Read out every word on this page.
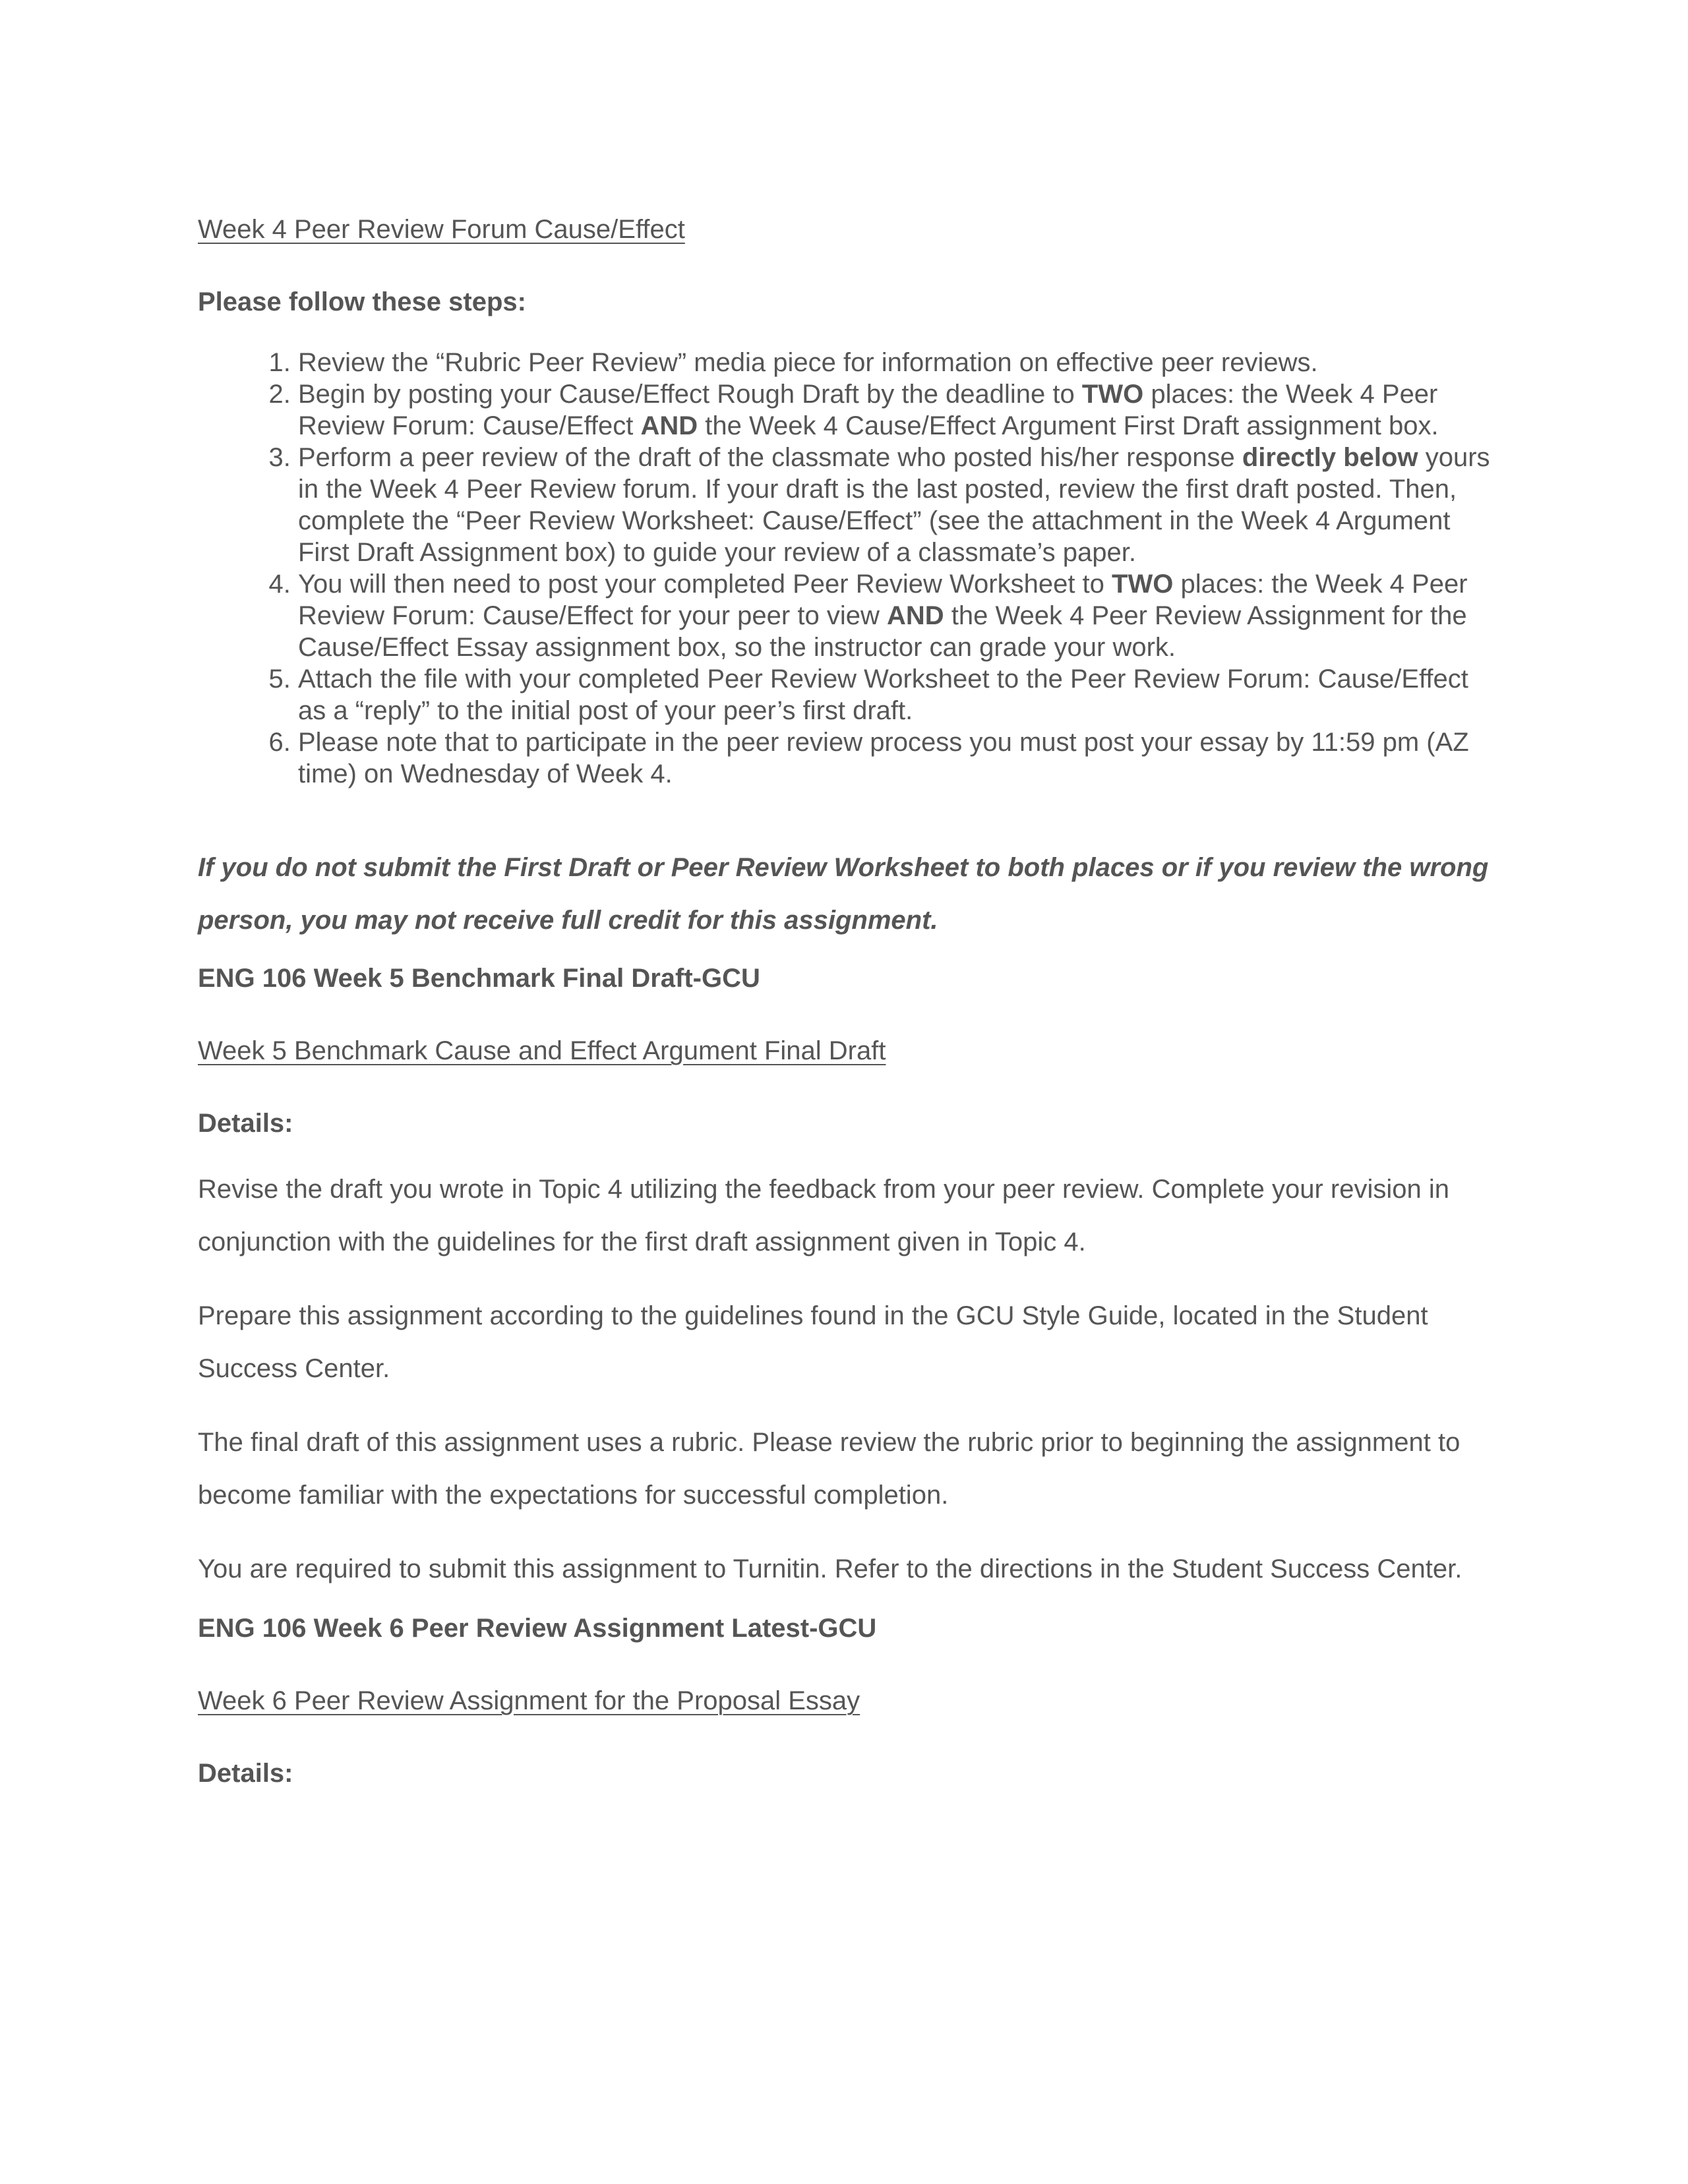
Week 4 Peer Review Forum Cause/Effect

Please follow these steps:

1. Review the “Rubric Peer Review” media piece for information on effective peer reviews.
2. Begin by posting your Cause/Effect Rough Draft by the deadline to TWO places: the Week 4 Peer Review Forum: Cause/Effect AND the Week 4 Cause/Effect Argument First Draft assignment box.
3. Perform a peer review of the draft of the classmate who posted his/her response directly below yours in the Week 4 Peer Review forum. If your draft is the last posted, review the first draft posted. Then, complete the “Peer Review Worksheet: Cause/Effect” (see the attachment in the Week 4 Argument First Draft Assignment box) to guide your review of a classmate’s paper.
4. You will then need to post your completed Peer Review Worksheet to TWO places: the Week 4 Peer Review Forum: Cause/Effect for your peer to view AND the Week 4 Peer Review Assignment for the Cause/Effect Essay assignment box, so the instructor can grade your work.
5. Attach the file with your completed Peer Review Worksheet to the Peer Review Forum: Cause/Effect as a “reply” to the initial post of your peer’s first draft.
6. Please note that to participate in the peer review process you must post your essay by 11:59 pm (AZ time) on Wednesday of Week 4.

If you do not submit the First Draft or Peer Review Worksheet to both places or if you review the wrong person, you may not receive full credit for this assignment.

ENG 106 Week 5 Benchmark Final Draft-GCU

Week 5 Benchmark Cause and Effect Argument Final Draft

Details:

Revise the draft you wrote in Topic 4 utilizing the feedback from your peer review. Complete your revision in conjunction with the guidelines for the first draft assignment given in Topic 4.

Prepare this assignment according to the guidelines found in the GCU Style Guide, located in the Student Success Center.

The final draft of this assignment uses a rubric. Please review the rubric prior to beginning the assignment to become familiar with the expectations for successful completion.

You are required to submit this assignment to Turnitin. Refer to the directions in the Student Success Center.

ENG 106 Week 6 Peer Review Assignment Latest-GCU

Week 6 Peer Review Assignment for the Proposal Essay

Details:
